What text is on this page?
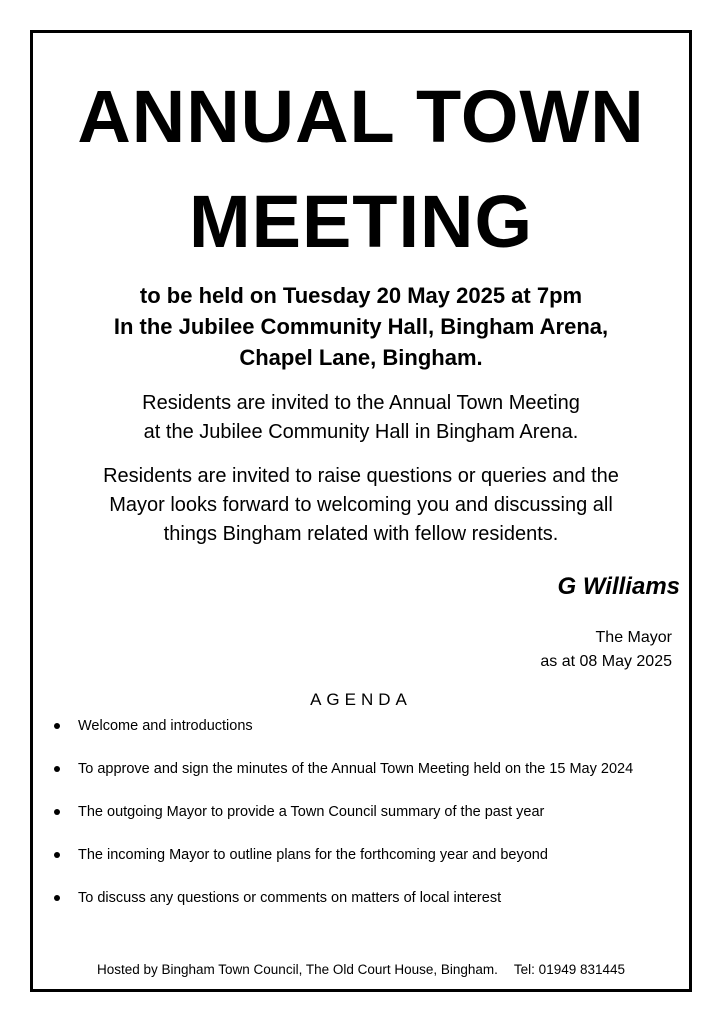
ANNUAL TOWN
MEETING
to be held on Tuesday 20 May 2025 at 7pm
In the Jubilee Community Hall, Bingham Arena,
Chapel Lane, Bingham.
Residents are invited to the Annual Town Meeting
at the Jubilee Community Hall in Bingham Arena.
Residents are invited to raise questions or queries and the
Mayor looks forward to welcoming you and discussing all
things Bingham related with fellow residents.

G Williams

The Mayor
as at 08 May 2025

AGENDA

Welcome and introductions
To approve and sign the minutes of the Annual Town Meeting held on the 15 May 2024
The outgoing Mayor to provide a Town Council summary of the past year
The incoming Mayor to outline plans for the forthcoming year and beyond
To discuss any questions or comments on matters of local interest

Hosted by Bingham Town Council, The Old Court House, Bingham. Tel: 01949 831445
